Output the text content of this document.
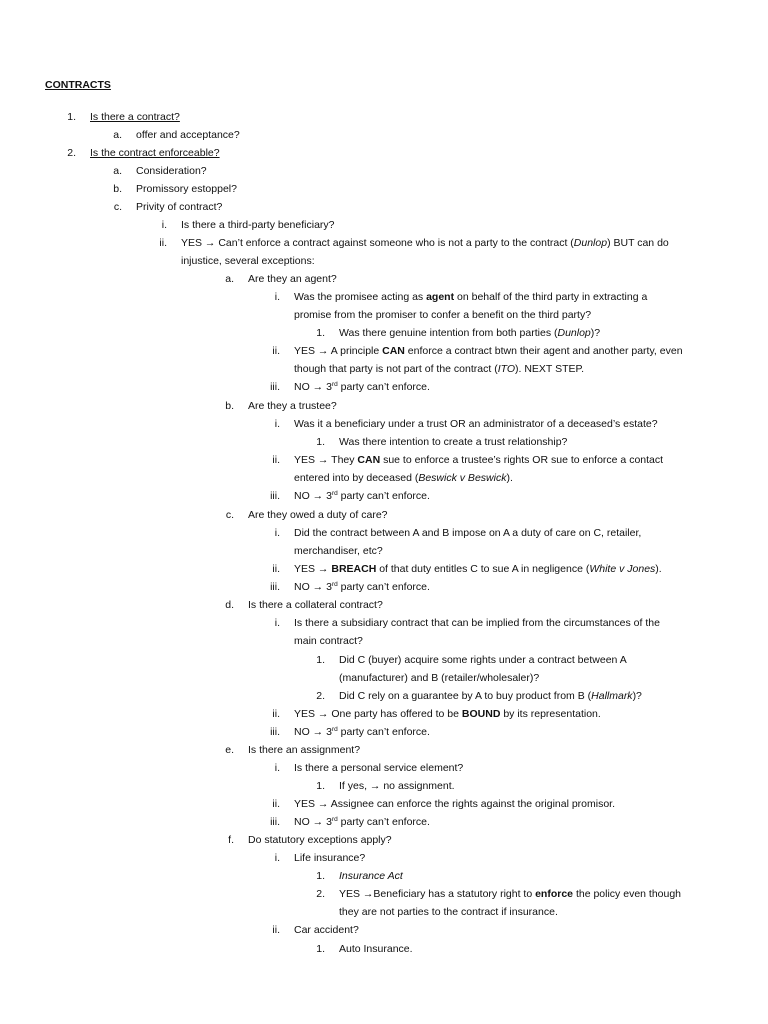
CONTRACTS
1. Is there a contract?
a. offer and acceptance?
2. Is the contract enforceable?
a. Consideration?
b. Promissory estoppel?
c. Privity of contract?
i. Is there a third-party beneficiary?
ii. YES → Can’t enforce a contract against someone who is not a party to the contract (Dunlop) BUT can do
injustice, several exceptions:
a. Are they an agent?
i. Was the promisee acting as agent on behalf of the third party in extracting a
promise from the promiser to confer a benefit on the third party?
1. Was there genuine intention from both parties (Dunlop)?
ii. YES → A principle CAN enforce a contract btwn their agent and another party, even
though that party is not part of the contract (ITO). NEXT STEP.
iii. NO → 3rd party can’t enforce.
b. Are they a trustee?
i. Was it a beneficiary under a trust OR an administrator of a deceased’s estate?
1. Was there intention to create a trust relationship?
ii. YES → They CAN sue to enforce a trustee’s rights OR sue to enforce a contact
entered into by deceased (Beswick v Beswick).
iii. NO → 3rd party can’t enforce.
c. Are they owed a duty of care?
i. Did the contract between A and B impose on A a duty of care on C, retailer,
merchandiser, etc?
ii. YES → BREACH of that duty entitles C to sue A in negligence (White v Jones).
iii. NO → 3rd party can’t enforce.
d. Is there a collateral contract?
i. Is there a subsidiary contract that can be implied from the circumstances of the
main contract?
1. Did C (buyer) acquire some rights under a contract between A
(manufacturer) and B (retailer/wholesaler)?
2. Did C rely on a guarantee by A to buy product from B (Hallmark)?
ii. YES → One party has offered to be BOUND by its representation.
iii. NO → 3rd party can’t enforce.
e. Is there an assignment?
i. Is there a personal service element?
1. If yes, → no assignment.
ii. YES → Assignee can enforce the rights against the original promisor.
iii. NO → 3rd party can’t enforce.
f. Do statutory exceptions apply?
i. Life insurance?
1. Insurance Act
2. YES →Beneficiary has a statutory right to enforce the policy even though
they are not parties to the contract if insurance.
ii. Car accident?
1. Auto Insurance.
